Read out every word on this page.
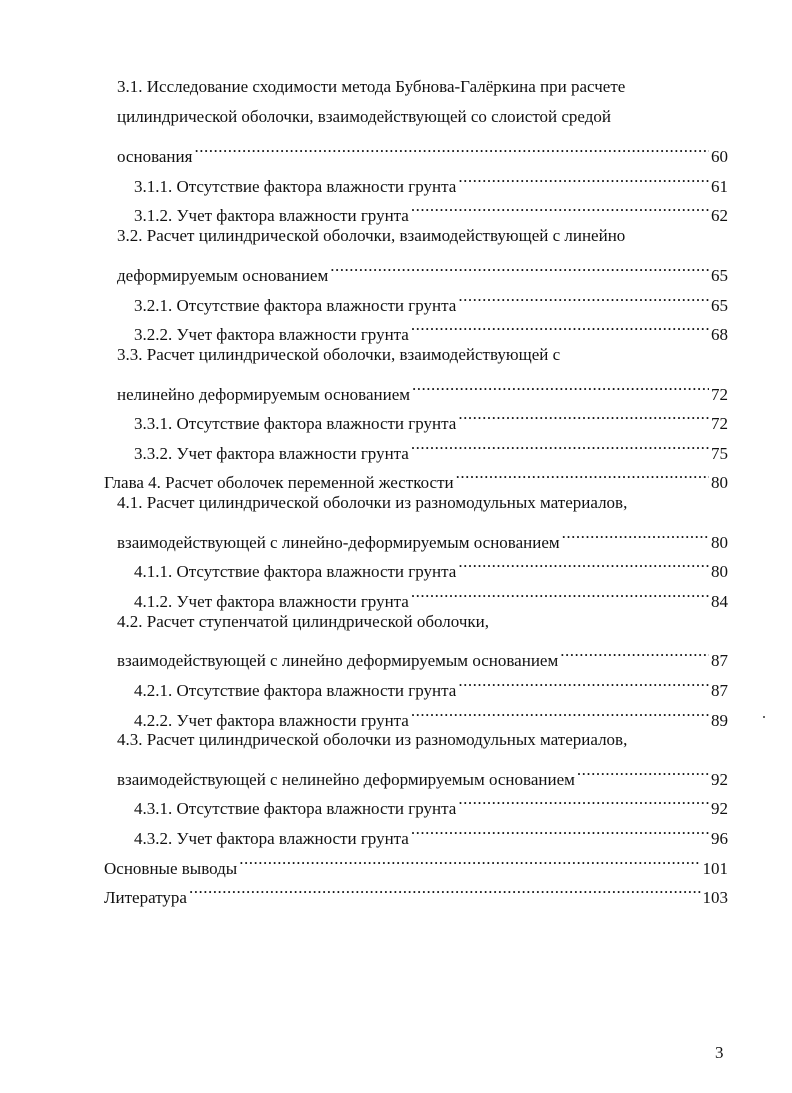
3.1. Исследование сходимости метода Бубнова-Галёркина при расчете
цилиндрической оболочки, взаимодействующей со слоистой средой
основания .....	60
3.1.1. Отсутствие фактора влажности грунта .....	61
3.1.2. Учет фактора влажности грунта .....	62
3.2. Расчет цилиндрической оболочки, взаимодействующей с линейно
деформируемым основанием .....	65
3.2.1. Отсутствие фактора влажности грунта .....	65
3.2.2. Учет фактора влажности грунта .....	68
3.3. Расчет цилиндрической оболочки, взаимодействующей с
нелинейно деформируемым основанием .....	72
3.3.1. Отсутствие фактора влажности грунта .....	72
3.3.2. Учет фактора влажности грунта .....	75
Глава 4. Расчет оболочек переменной жесткости .....	80
4.1. Расчет цилиндрической оболочки из разномодульных материалов,
взаимодействующей с линейно-деформируемым основанием .....	80
4.1.1. Отсутствие фактора влажности грунта .....	80
4.1.2. Учет фактора влажности грунта .....	84
4.2. Расчет ступенчатой цилиндрической оболочки,
взаимодействующей с линейно деформируемым основанием .....	87
4.2.1. Отсутствие фактора влажности грунта .....	87
4.2.2. Учет фактора влажности грунта .....	89
4.3. Расчет цилиндрической оболочки из разномодульных материалов,
взаимодействующей с нелинейно деформируемым основанием .....	92
4.3.1. Отсутствие фактора влажности грунта .....	92
4.3.2. Учет фактора влажности грунта .....	96
Основные выводы .....	101
Литература .....	103
3
